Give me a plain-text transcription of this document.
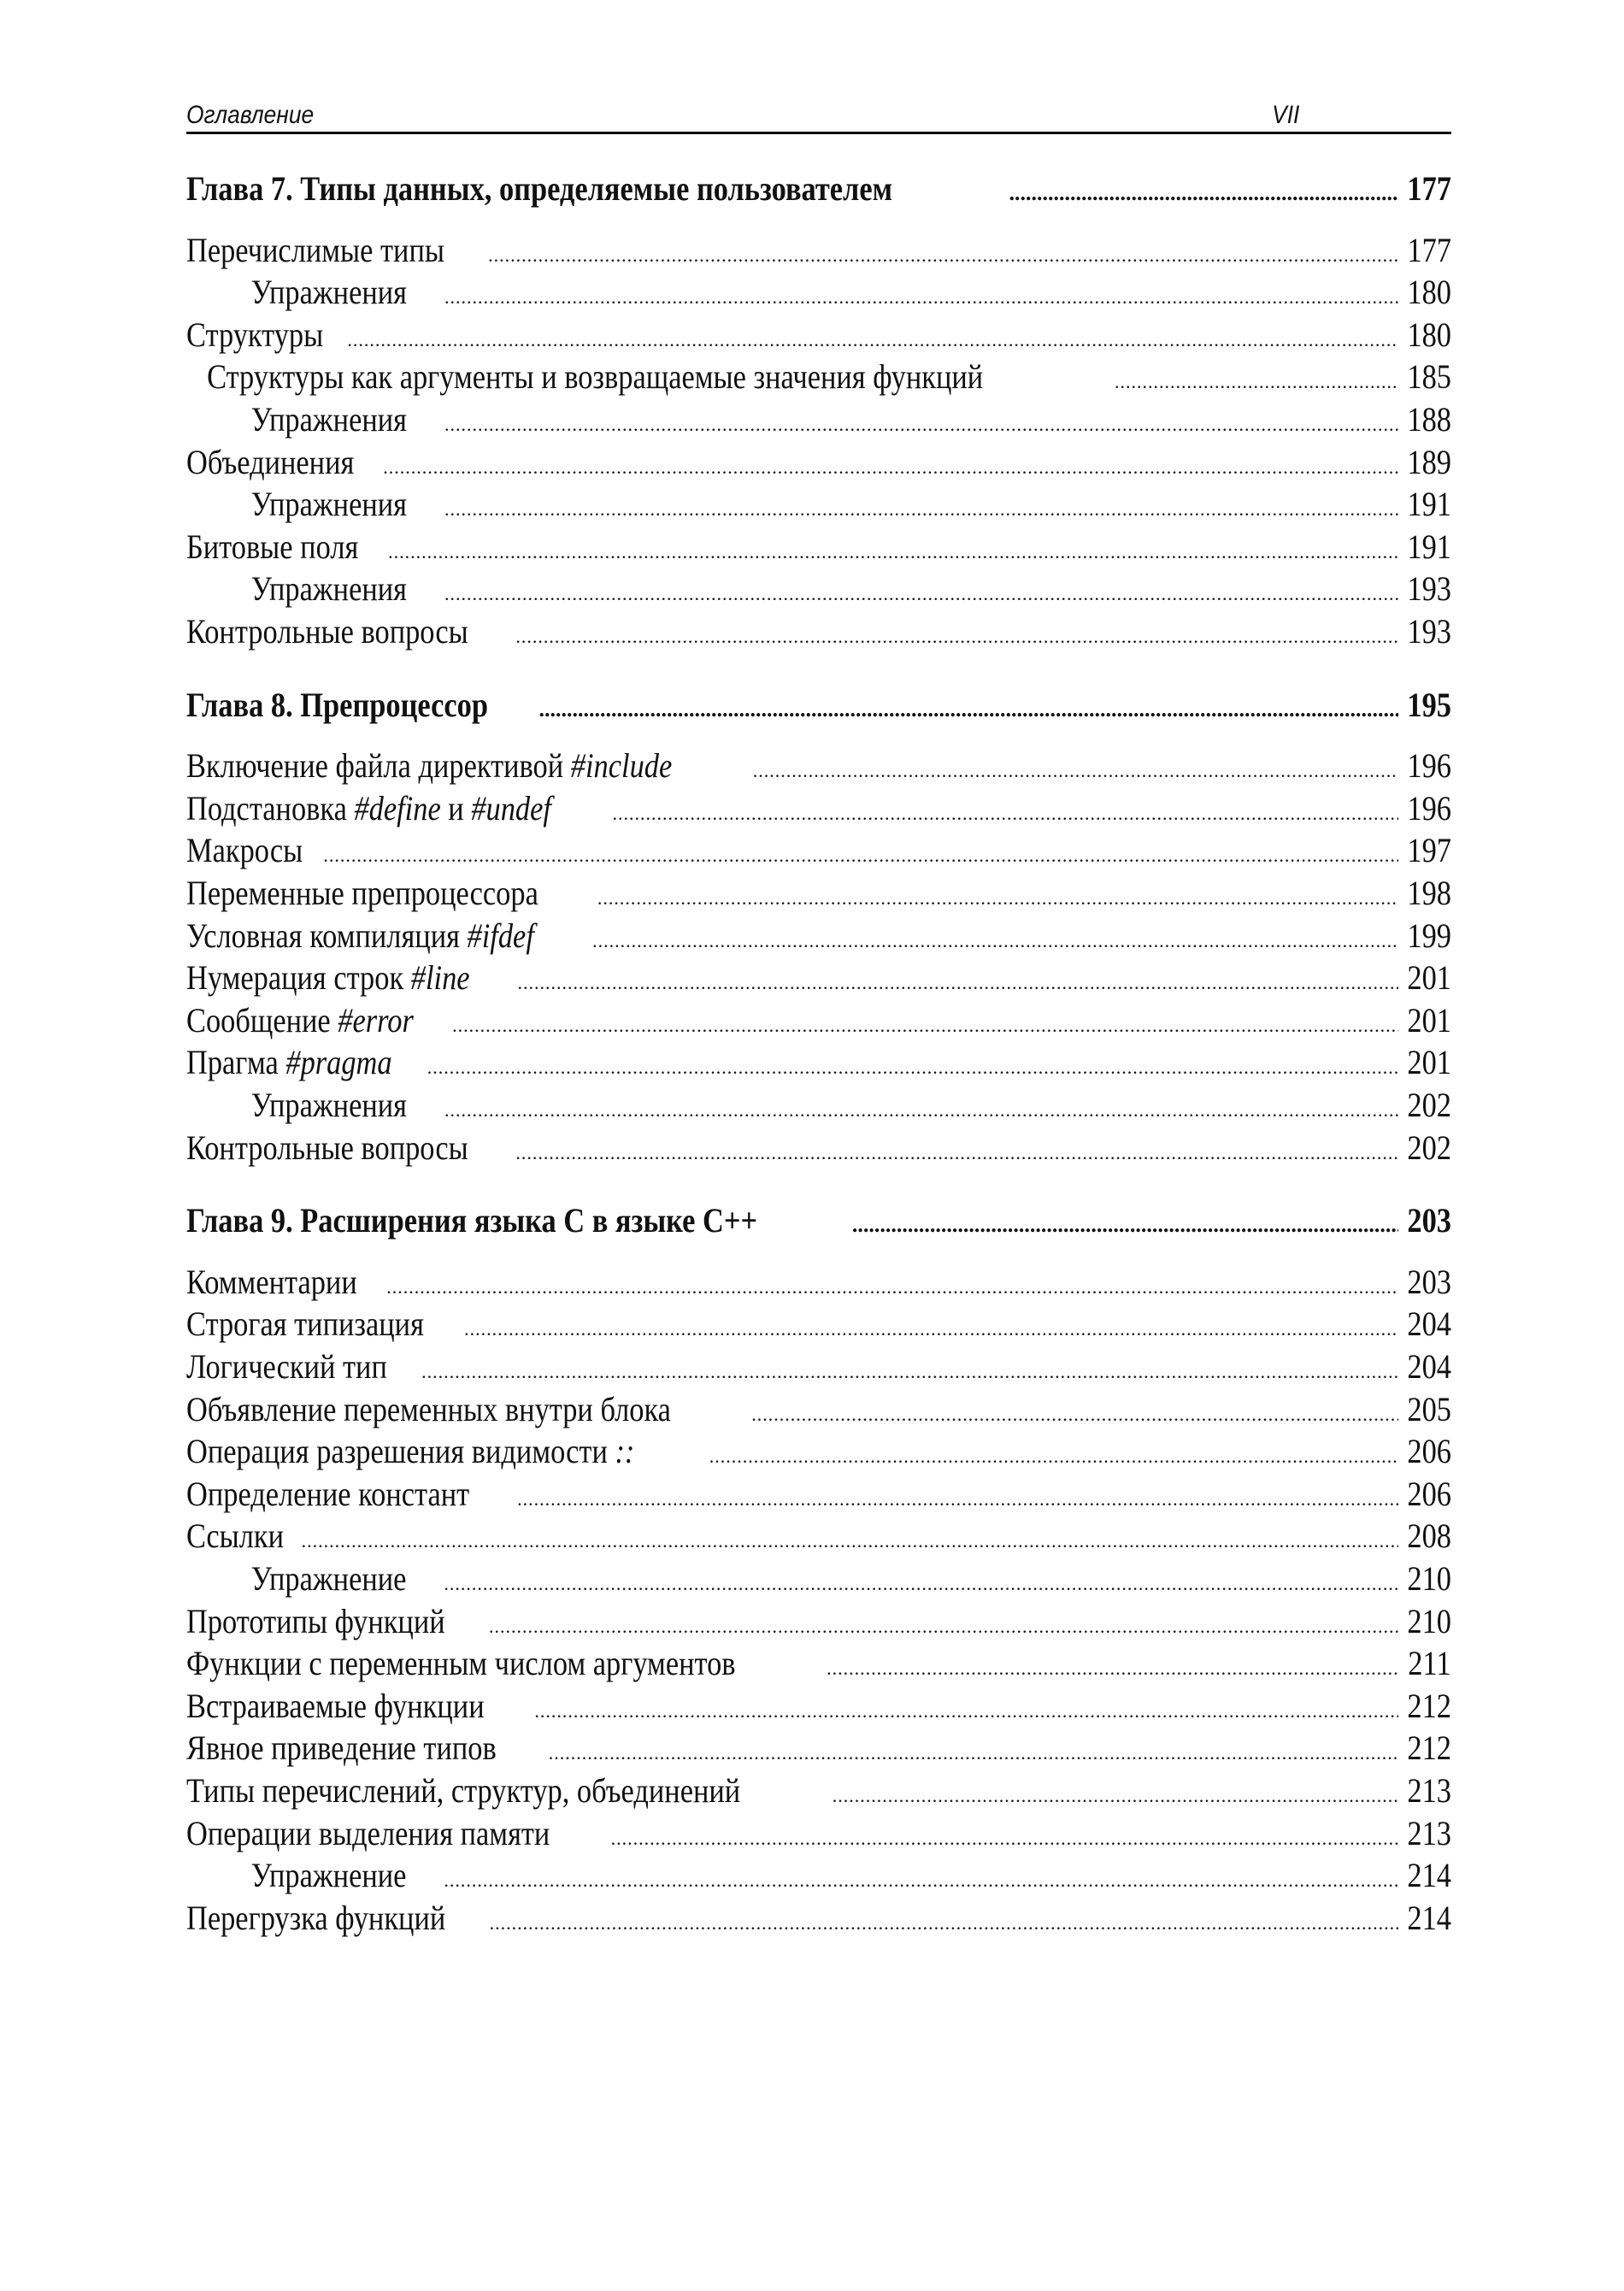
Оглавление	VII
Глава 7. Типы данных, определяемые пользователем .....	177
Перечислимые типы .....	177
Упражнения .....	180
Структуры .....	180
Структуры как аргументы и возвращаемые значения функций .....	185
Упражнения .....	188
Объединения .....	189
Упражнения .....	191
Битовые поля .....	191
Упражнения .....	193
Контрольные вопросы .....	193
Глава 8. Препроцессор .....	195
Включение файла директивой #include .....	196
Подстановка #define и #undef .....	196
Макросы .....	197
Переменные препроцессора .....	198
Условная компиляция #ifdef .....	199
Нумерация строк #line .....	201
Сообщение #error .....	201
Прагма #pragma .....	201
Упражнения .....	202
Контрольные вопросы .....	202
Глава 9. Расширения языка С в языке С++ .....	203
Комментарии .....	203
Строгая типизация .....	204
Логический тип .....	204
Объявление переменных внутри блока .....	205
Операция разрешения видимости :: .....	206
Определение констант .....	206
Ссылки .....	208
Упражнение .....	210
Прототипы функций .....	210
Функции с переменным числом аргументов .....	211
Встраиваемые функции .....	212
Явное приведение типов .....	212
Типы перечислений, структур, объединений .....	213
Операции выделения памяти .....	213
Упражнение .....	214
Перегрузка функций .....	214
